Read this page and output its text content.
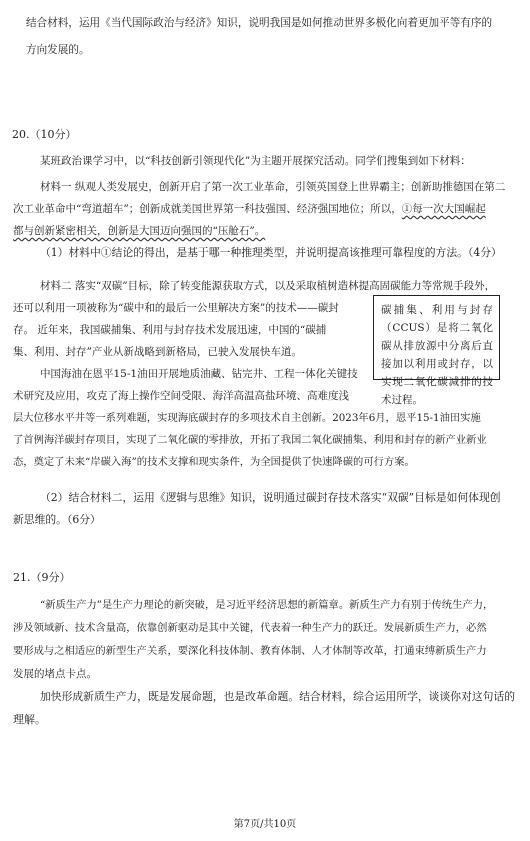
结合材料，运用《当代国际政治与经济》知识，说明我国是如何推动世界多极化向着更加平等有序的
方向发展的。
20.（10分）
某班政治课学习中，以“科技创新引领现代化”为主题开展探究活动。同学们搜集到如下材料：
材料一 纵观人类发展史，创新开启了第一次工业革命，引领英国登上世界霸主；创新助推德国在第二
次工业革命中“弯道超车”；创新成就美国世界第一科技强国、经济强国地位；所以，①每一次大国崛起
都与创新紧密相关，创新是大国迈向强国的“压舱石”。
（1）材料中①结论的得出，是基于哪一种推理类型，并说明提高该推理可靠程度的方法。（4分）
材料二 落实“双碳”目标，除了转变能源获取方式，以及采取植树造林提高固碳能力等常规手段外，
还可以利用一项被称为“碳中和的最后一公里解决方案”的技术——碳封
存。 近年来，我国碳捕集、利用与封存技术发展迅速，中国的“碳捕
集、利用、封存”产业从新战略到新格局，已驶入发展快车道。
中国海油在恩平15-1油田开展地质油藏、钻完井、工程一体化关键技
术研究及应用，攻克了海上操作空间受限、海洋高温高盐环境、高难度浅
层大位移水平井等一系列难题，实现海底碳封存的多项技术自主创新。2023年6月，恩平15-1油田实施
了首例海洋碳封存项目，实现了二氧化碳的零排放，开拓了我国二氧化碳捕集、利用和封存的新产业新业
态，奠定了未来“岸碳入海”的技术支撑和现实条件，为全国提供了快速降碳的可行方案。
碳捕集、利用与封存（CCUS）是将二氧化碳从排放源中分离后直接加以利用或封存，以实现二氧化碳减排的技术过程。
（2）结合材料二，运用《逻辑与思维》知识，说明通过碳封存技术落实“双碳”目标是如何体现创
新思维的。（6分）
21.（9分）
“新质生产力”是生产力理论的新突破，是习近平经济思想的新篇章。新质生产力有别于传统生产力，
涉及领域新、技术含量高，依靠创新驱动是其中关键，代表着一种生产力的跃迁。发展新质生产力，必然
要形成与之相适应的新型生产关系，要深化科技体制、教育体制、人才体制等改革，打通束缚新质生产力
发展的堵点卡点。
加快形成新质生产力，既是发展命题，也是改革命题。结合材料，综合运用所学，谈谈你对这句话的
理解。
第7页/共10页
